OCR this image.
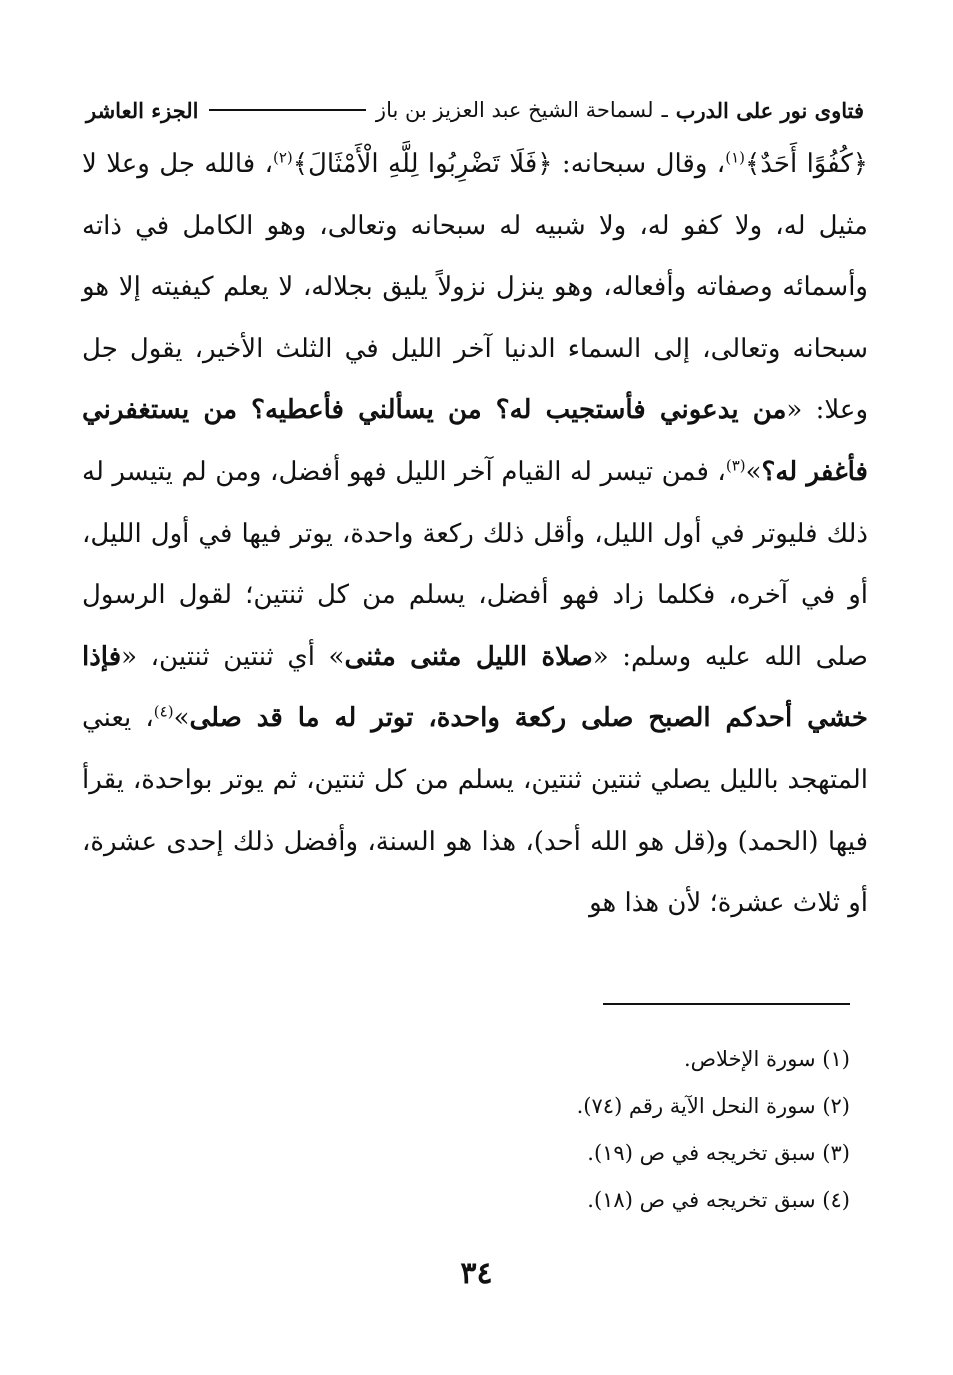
فتاوى نور على الدرب
ـ
لسماحة الشيخ عبد العزيز بن باز
الجزء العاشر

﴿كُفُوًا أَحَدٌ﴾$^{(١)}$، وقال سبحانه: ﴿فَلَا تَضْرِبُوا لِلَّهِ الْأَمْثَالَ﴾$^{(٢)}$، فالله جل وعلا لا مثيل له، ولا كفو له، ولا شبيه له سبحانه وتعالى، وهو الكامل في ذاته وأسمائه وصفاته وأفعاله، وهو ينزل نزولاً يليق بجلاله، لا يعلم كيفيته إلا هو سبحانه وتعالى، إلى السماء الدنيا آخر الليل في الثلث الأخير، يقول جل وعلا: «من يدعوني فأستجيب له؟ من يسألني فأعطيه؟ من يستغفرني فأغفر له؟»$^{(٣)}$، فمن تيسر له القيام آخر الليل فهو أفضل، ومن لم يتيسر له ذلك فليوتر في أول الليل، وأقل ذلك ركعة واحدة، يوتر فيها في أول الليل، أو في آخره، فكلما زاد فهو أفضل، يسلم من كل ثنتين؛ لقول الرسول صلى الله عليه وسلم: «صلاة الليل مثنى مثنى» أي ثنتين ثنتين، «فإذا خشي أحدكم الصبح صلى ركعة واحدة، توتر له ما قد صلى»$^{(٤)}$، يعني المتهجد بالليل يصلي ثنتين ثنتين، يسلم من كل ثنتين، ثم يوتر بواحدة، يقرأ فيها (الحمد) و(قل هو الله أحد)، هذا هو السنة، وأفضل ذلك إحدى عشرة، أو ثلاث عشرة؛ لأن هذا هو

(١) سورة الإخلاص.
(٢) سورة النحل الآية رقم (٧٤).
(٣) سبق تخريجه في ص (١٩).
(٤) سبق تخريجه في ص (١٨).
٣٤
